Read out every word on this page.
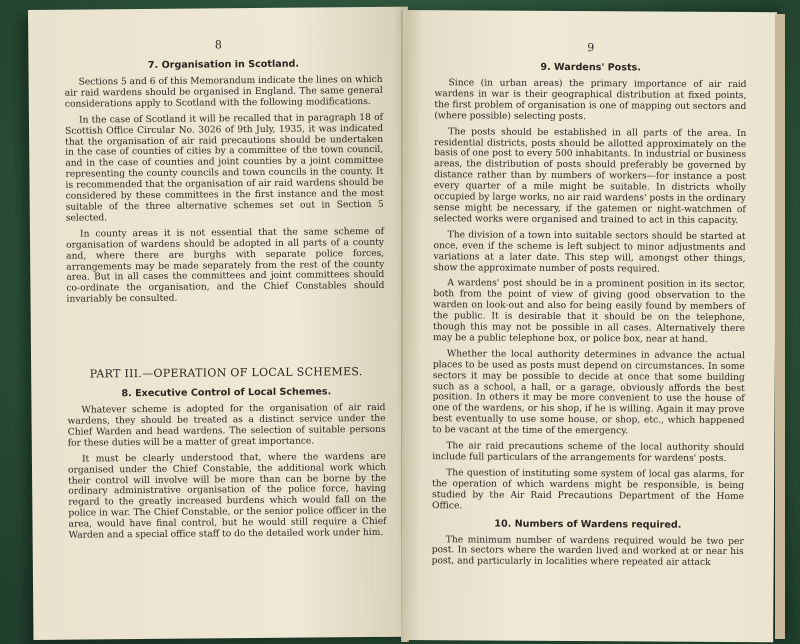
8
7. Organisation in Scotland.

Sections 5 and 6 of this Memorandum indicate the lines on which air raid wardens should be organised in England. The same general considerations apply to Scotland with the following modifications.

In the case of Scotland it will be recalled that in paragraph 18 of Scottish Office Circular No. 3026 of 9th July, 1935, it was indicated that the organisation of air raid precautions should be undertaken in the case of counties of cities by a committee of the town council, and in the case of counties and joint counties by a joint committee representing the county councils and town councils in the county. It is recommended that the organisation of air raid wardens should be considered by these committees in the first instance and the most suitable of the three alternative schemes set out in Section 5 selected.

In county areas it is not essential that the same scheme of organisation of wardens should be adopted in all parts of a county and, where there are burghs with separate police forces, arrangements may be made separately from the rest of the county area. But in all cases the committees and joint committees should co-ordinate the organisation, and the Chief Constables should invariably be consulted.

PART III.—OPERATION OF LOCAL SCHEMES.
8. Executive Control of Local Schemes.

Whatever scheme is adopted for the organisation of air raid wardens, they should be treated as a distinct service under the Chief Warden and head wardens. The selection of suitable persons for these duties will be a matter of great importance.

It must be clearly understood that, where the wardens are organised under the Chief Constable, the additional work which their control will involve will be more than can be borne by the ordinary administrative organisation of the police force, having regard to the greatly increased burdens which would fall on the police in war. The Chief Constable, or the senior police officer in the area, would have final control, but he would still require a Chief Warden and a special office staff to do the detailed work under him.

9
9. Wardens' Posts.

Since (in urban areas) the primary importance of air raid wardens in war is their geographical distribution at fixed points, the first problem of organisation is one of mapping out sectors and (where possible) selecting posts.

The posts should be established in all parts of the area. In residential districts, posts should be allotted approximately on the basis of one post to every 500 inhabitants. In industrial or business areas, the distribution of posts should preferably be governed by distance rather than by numbers of workers—for instance a post every quarter of a mile might be suitable. In districts wholly occupied by large works, no air raid wardens' posts in the ordinary sense might be necessary, if the gatemen or night-watchmen of selected works were organised and trained to act in this capacity.

The division of a town into suitable sectors should be started at once, even if the scheme is left subject to minor adjustments and variations at a later date. This step will, amongst other things, show the approximate number of posts required.

A wardens' post should be in a prominent position in its sector, both from the point of view of giving good observation to the warden on look-out and also for being easily found by members of the public. It is desirable that it should be on the telephone, though this may not be possible in all cases. Alternatively there may be a public telephone box, or police box, near at hand.

Whether the local authority determines in advance the actual places to be used as posts must depend on circumstances. In some sectors it may be possible to decide at once that some building such as a school, a hall, or a garage, obviously affords the best position. In others it may be more convenient to use the house of one of the wardens, or his shop, if he is willing. Again it may prove best eventually to use some house, or shop, etc., which happened to be vacant at the time of the emergency.

The air raid precautions scheme of the local authority should include full particulars of the arrangements for wardens' posts.

The question of instituting some system of local gas alarms, for the operation of which wardens might be responsible, is being studied by the Air Raid Precautions Department of the Home Office.

10. Numbers of Wardens required.

The minimum number of wardens required would be two per post. In sectors where the warden lived and worked at or near his post, and particularly in localities where repeated air attack
